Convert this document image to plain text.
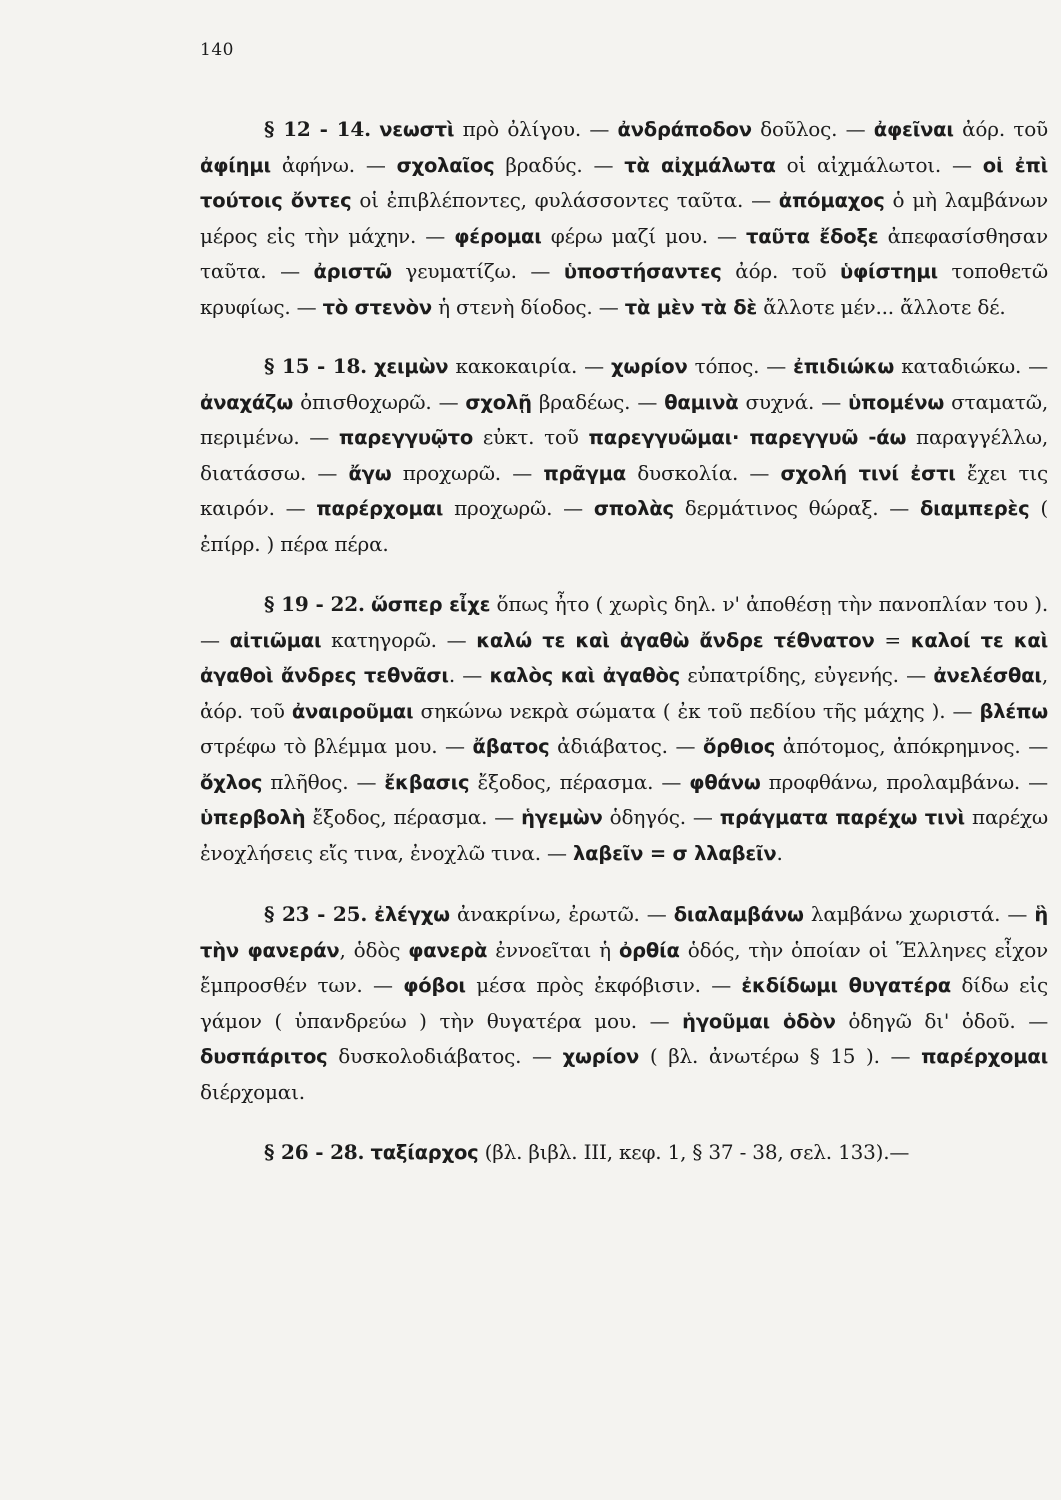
140

§ 12 - 14. νεωστὶ πρὸ ὀλίγου. — ἀνδράποδον δοῦλος. — ἀφεῖναι ἀόρ. τοῦ ἀφίημι ἀφήνω. — σχολαῖος βραδύς. — τὰ αἰχμάλωτα οἱ αἰχμάλωτοι. — οἱ ἐπὶ τούτοις ὄντες οἱ ἐπιβλέποντες, φυλάσσοντες ταῦτα. — ἀπόμαχος ὁ μὴ λαμβάνων μέρος εἰς τὴν μάχην. — φέρομαι φέρω μαζί μου. — ταῦτα ἔδοξε ἀπεφασίσθησαν ταῦτα. — ἀριστῶ γευματίζω. — ὑποστήσαντες ἀόρ. τοῦ ὑφίστημι τοποθετῶ κρυφίως. — τὸ στενὸν ἡ στενὴ δίοδος. — τὰ μὲν τὰ δὲ ἄλλοτε μέν... ἄλλοτε δέ.

§ 15 - 18. χειμὼν κακοκαιρία. — χωρίον τόπος. — ἐπιδιώκω καταδιώκω. — ἀναχάζω ὀπισθοχωρῶ. — σχολῇ βραδέως. — θαμινὰ συχνά. — ὑπομένω σταματῶ, περιμένω. — παρεγγυῷτο εὐκτ. τοῦ παρεγγυῶμαι· παρεγγυῶ -άω παραγγέλλω, διατάσσω. — ἄγω προχωρῶ. — πρᾶγμα δυσκολία. — σχολή τινί ἐστι ἔχει τις καιρόν. — παρέρχομαι προχωρῶ. — σπολὰς δερμάτινος θώραξ. — διαμπερὲς ( ἐπίρρ. ) πέρα πέρα.

§ 19 - 22. ὥσπερ εἶχε ὅπως ἦτο ( χωρὶς δηλ. ν' ἀποθέσῃ τὴν πανοπλίαν του ). — αἰτιῶμαι κατηγορῶ. — καλώ τε καὶ ἀγαθὼ ἄνδρε τέθνατον = καλοί τε καὶ ἀγαθοὶ ἄνδρες τεθνᾶσι. — καλὸς καὶ ἀγαθὸς εὐπατρίδης, εὐγενής. — ἀνελέσθαι, ἀόρ. τοῦ ἀναιροῦμαι σηκώνω νεκρὰ σώματα ( ἐκ τοῦ πεδίου τῆς μάχης ). — βλέπω στρέφω τὸ βλέμμα μου. — ἄβατος ἀδιάβατος. — ὄρθιος ἀπότομος, ἀπόκρημνος. — ὄχλος πλῆθος. — ἔκβασις ἔξοδος, πέρασμα. — φθάνω προφθάνω, προλαμβάνω. — ὑπερβολὴ ἔξοδος, πέρασμα. — ἡγεμὼν ὁδηγός. — πράγματα παρέχω τινὶ παρέχω ἐνοχλήσεις εἴς τινα, ἐνοχλῶ τινα. — λαβεῖν = σ λλαβεῖν.

§ 23 - 25. ἐλέγχω ἀνακρίνω, ἐρωτῶ. — διαλαμβάνω λαμβάνω χωριστά. — ἣ τὴν φανεράν, ὁδὸς φανερὰ ἐννοεῖται ἡ ὀρθία ὁδός, τὴν ὁποίαν οἱ Ἕλληνες εἶχον ἔμπροσθέν των. — φόβοι μέσα πρὸς ἐκφόβισιν. — ἐκδίδωμι θυγατέρα δίδω εἰς γάμον ( ὑπανδρεύω ) τὴν θυγατέρα μου. — ἡγοῦμαι ὁδὸν ὁδηγῶ δι' ὁδοῦ. — δυσπάριτος δυσκολοδιάβατος. — χωρίον ( βλ. ἀνωτέρω § 15 ). — παρέρχομαι διέρχομαι.

§ 26 - 28. ταξίαρχος (βλ. βιβλ. III, κεφ. 1, § 37 - 38, σελ. 133).—
